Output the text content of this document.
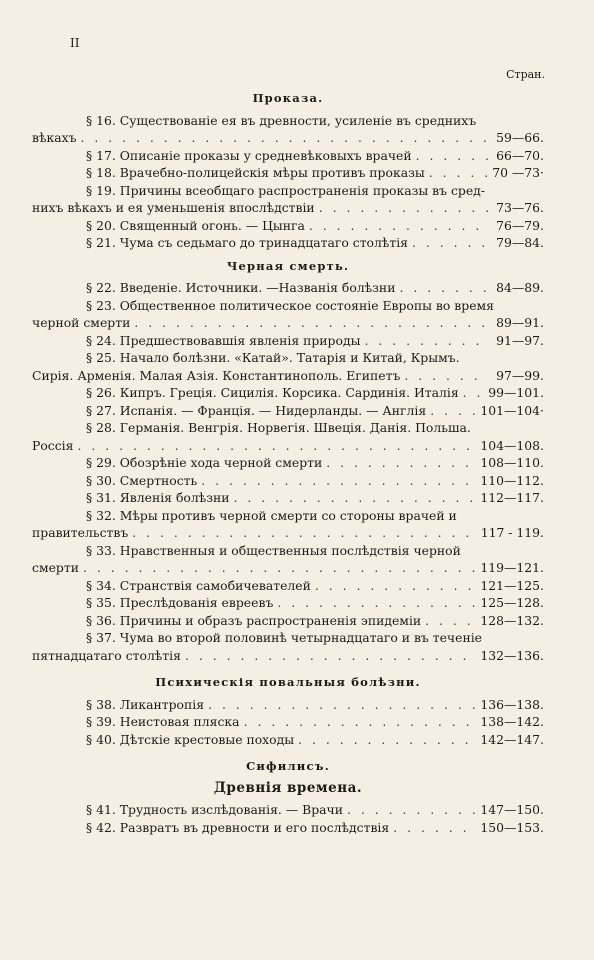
II
Стран.
Проказа.
§ 16. Существованіе ея въ древности, усиленіе въ среднихъ
вѣкахъ . . .	59—66.
§ 17. Описаніе проказы у средневѣковыхъ врачей . . .	66—70.
§ 18. Врачебно-полицейскія мѣры противъ проказы . . .	70 —73·
§ 19. Причины всеобщаго распространенія проказы въ сред-
нихъ вѣкахъ и ея уменьшенія впослѣдствіи . . .	73—76.
§ 20. Священный огонь. — Цынга . . .	76—79.
§ 21. Чума съ седьмаго до тринадцатаго столѣтія . . .	79—84.
Черная смерть.
§ 22. Введеніе. Источники. —Названія болѣзни . . .	84—89.
§ 23. Общественное политическое состояніе Европы во время
черной смерти . . .	89—91.
§ 24. Предшествовавшія явленія природы . . .	91—97.
§ 25. Начало болѣзни. «Катай». Татарія и Китай, Крымъ.
Сирія. Арменія. Малая Азія. Константинополь. Египетъ . . .	97—99.
§ 26. Кипръ. Греція. Сицилія. Корсика. Сардинія. Италія . . . 99—101.
§ 27. Испанія. — Франція. — Нидерланды. — Англія . . .	101—104·
§ 28. Германія. Венгрія. Норвегія. Швеція. Данія. Польша.
Россія . . .	104—108.
§ 29. Обозрѣніе хода черной смерти . . .	108—110.
§ 30. Смертность . . .	110—112.
§ 31. Явленія болѣзни . . .	112—117.
§ 32. Мѣры противъ черной смерти со стороны врачей и
правительствъ . . .	117 - 119.
§ 33. Нравственныя и общественныя послѣдствія черной
смерти . . .	119—121.
§ 34. Странствія самобичевателей . . .	121—125.
§ 35. Преслѣдованія евреевъ . . .	125—128.
§ 36. Причины и образъ распространенія эпидеміи . . .	128—132.
§ 37. Чума во второй половинѣ четырнадцатаго и въ теченіе
пятнадцатаго столѣтія . . .	132—136.
Психическія повальныя болѣзни.
§ 38. Ликантропія . . .	136—138.
§ 39. Неистовая пляска . . .	138—142.
§ 40. Дѣтскіе крестовые походы . . .	142—147.
Сифилисъ.
Древнія времена.
§ 41. Трудность изслѣдованія. — Врачи . . .	147—150.
§ 42. Развратъ въ древности и его послѣдствія . . .	150—153.
